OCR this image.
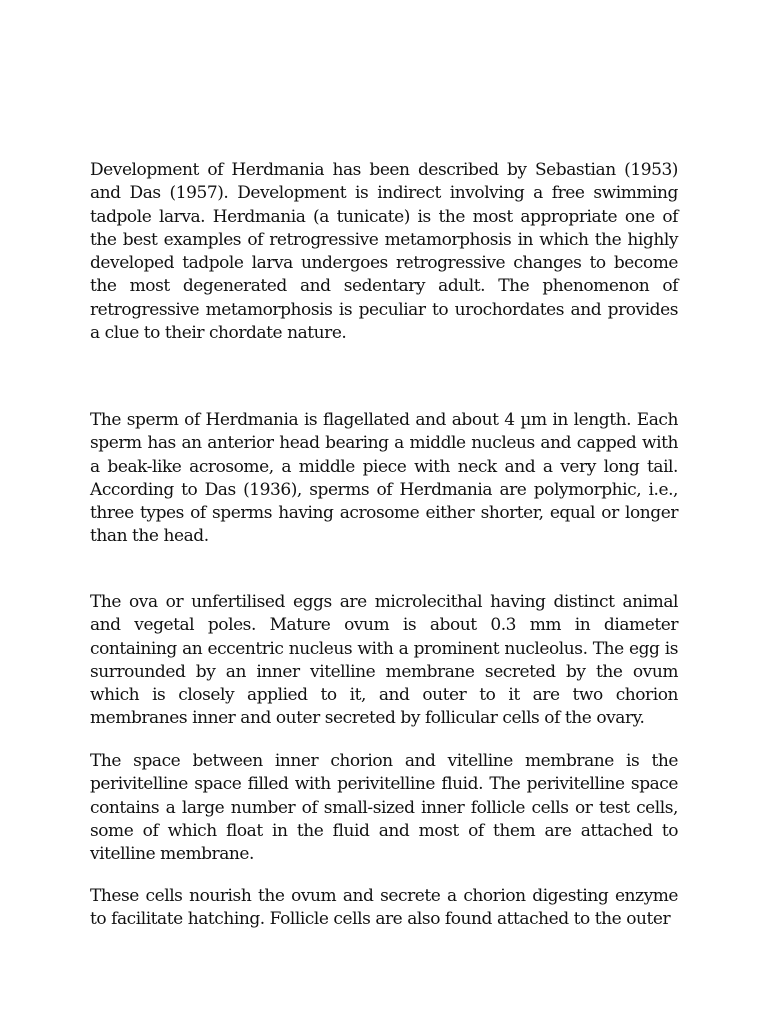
Development of Herdmania has been described by Sebastian (1953) and Das (1957). Development is indirect involving a free swimming tadpole larva. Herdmania (a tunicate) is the most appropriate one of the best examples of retrogressive metamorphosis in which the highly developed tadpole larva undergoes retrogressive changes to become the most degenerated and sedentary adult. The phenomenon of retrogressive metamorphosis is peculiar to urochordates and provides a clue to their chordate nature.

The sperm of Herdmania is flagellated and about 4 µm in length. Each sperm has an anterior head bearing a middle nucleus and capped with a beak-like acrosome, a middle piece with neck and a very long tail. According to Das (1936), sperms of Herdmania are polymorphic, i.e., three types of sperms having acrosome either shorter, equal or longer than the head.

The ova or unfertilised eggs are microlecithal having distinct animal and vegetal poles. Mature ovum is about 0.3 mm in diameter containing an eccentric nucleus with a prominent nucleolus. The egg is surrounded by an inner vitelline membrane secreted by the ovum which is closely applied to it, and outer to it are two chorion membranes inner and outer secreted by follicular cells of the ovary.

The space between inner chorion and vitelline membrane is the perivitelline space filled with perivitelline fluid. The perivitelline space contains a large number of small-sized inner follicle cells or test cells, some of which float in the fluid and most of them are attached to vitelline membrane.

These cells nourish the ovum and secrete a chorion digesting enzyme to facilitate hatching. Follicle cells are also found attached to the outer
